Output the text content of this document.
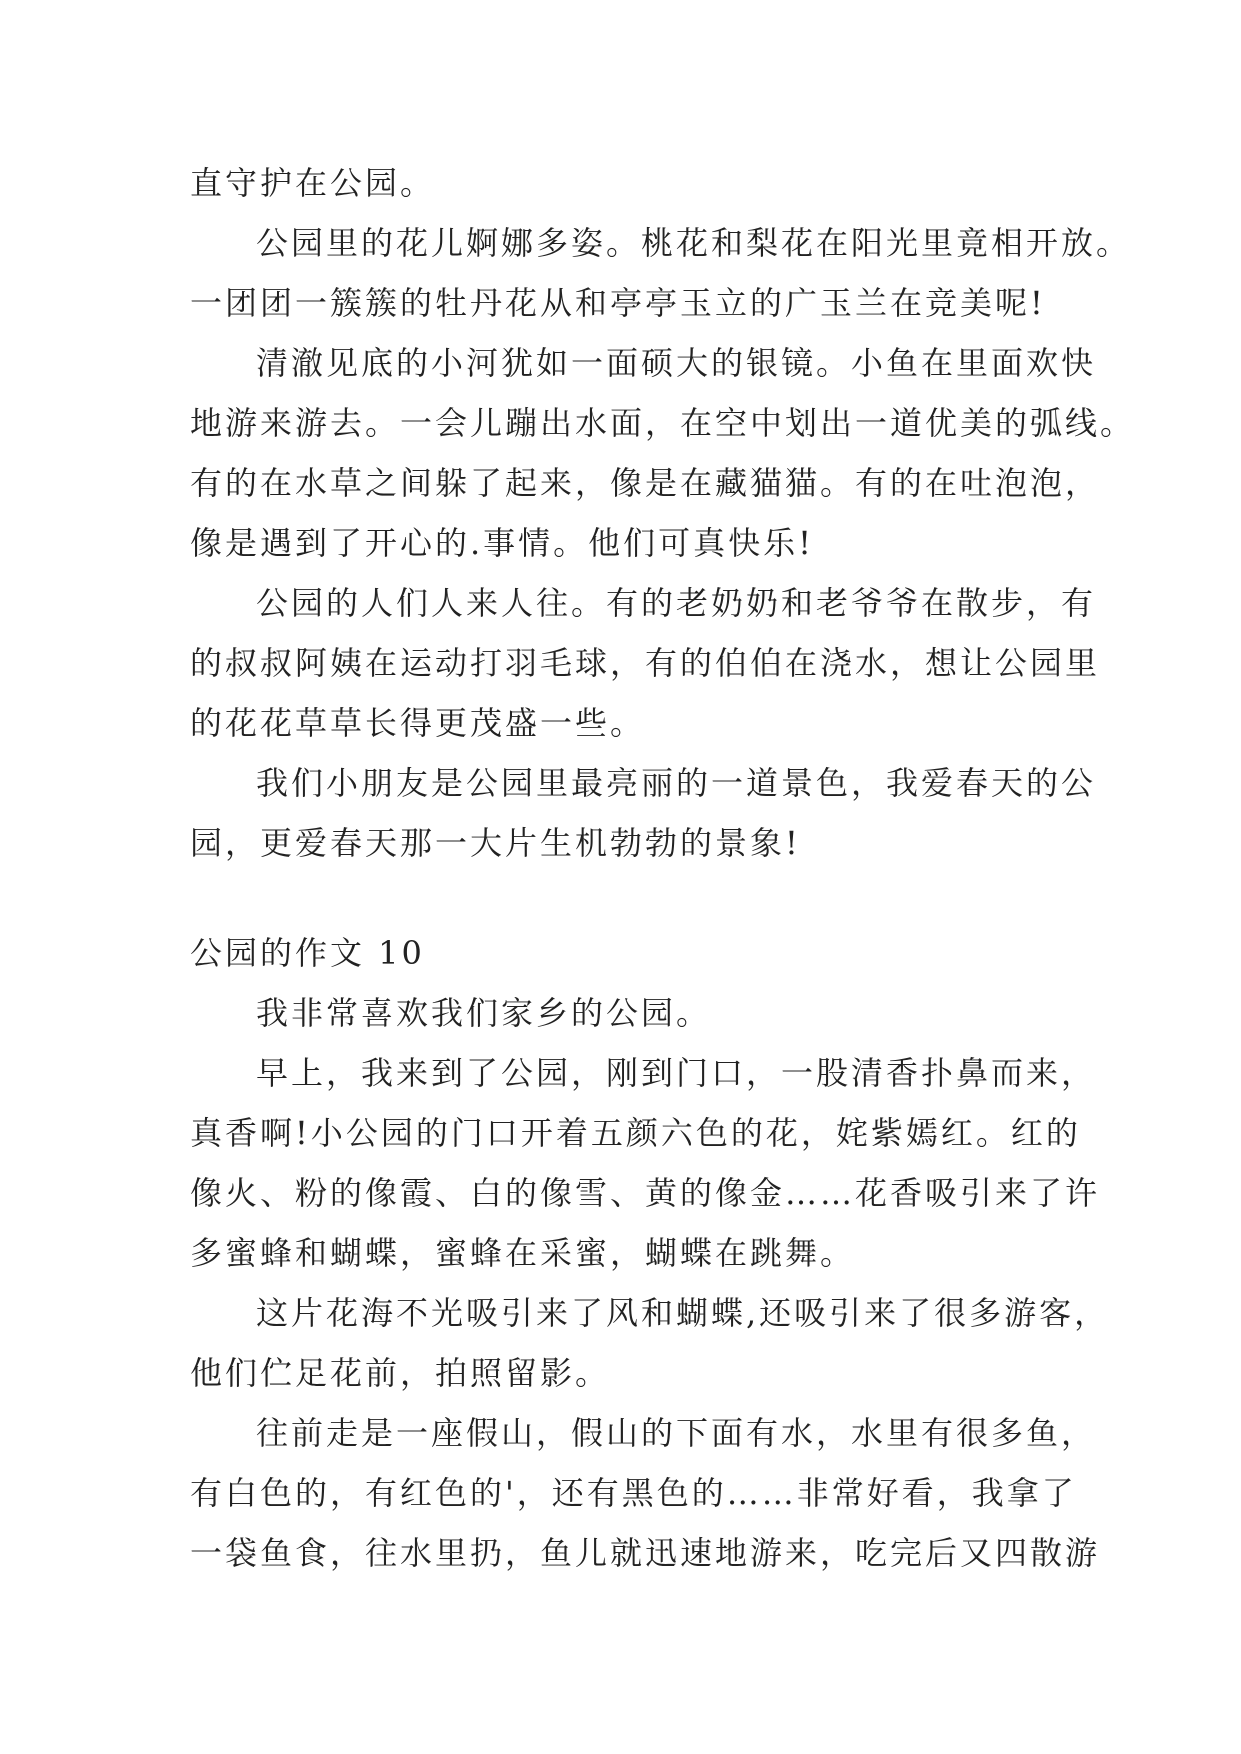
直守护在公园。
公园里的花儿婀娜多姿。桃花和梨花在阳光里竟相开放。
一团团一簇簇的牡丹花从和亭亭玉立的广玉兰在竞美呢!
清澈见底的小河犹如一面硕大的银镜。小鱼在里面欢快
地游来游去。一会儿蹦出水面，在空中划出一道优美的弧线。
有的在水草之间躲了起来，像是在藏猫猫。有的在吐泡泡，
像是遇到了开心的.事情。他们可真快乐!
公园的人们人来人往。有的老奶奶和老爷爷在散步，有
的叔叔阿姨在运动打羽毛球，有的伯伯在浇水，想让公园里
的花花草草长得更茂盛一些。
我们小朋友是公园里最亮丽的一道景色，我爱春天的公
园，更爱春天那一大片生机勃勃的景象!
公园的作文 10
我非常喜欢我们家乡的公园。
早上，我来到了公园，刚到门口，一股清香扑鼻而来，
真香啊!小公园的门口开着五颜六色的花，姹紫嫣红。红的
像火、粉的像霞、白的像雪、黄的像金……花香吸引来了许
多蜜蜂和蝴蝶，蜜蜂在采蜜，蝴蝶在跳舞。
这片花海不光吸引来了风和蝴蝶,还吸引来了很多游客，
他们伫足花前，拍照留影。
往前走是一座假山，假山的下面有水，水里有很多鱼，
有白色的，有红色的'，还有黑色的……非常好看，我拿了
一袋鱼食，往水里扔，鱼儿就迅速地游来，吃完后又四散游
